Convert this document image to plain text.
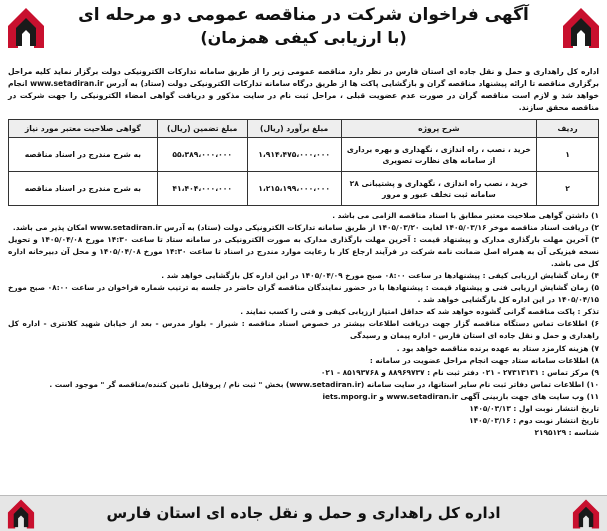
آگهی فراخوان شرکت در مناقصه عمومی دو مرحله ای
(با ارزیابی کیفی همزمان)
اداره کل راهداری و حمل و نقل جاده ای استان فارس در نظر دارد مناقصه عمومی زیر را از طریق سامانه تدارکات الکترونیکی دولت برگزار نماید کلیه مراحل برگزاری مناقصه تا ارائه پیشنهاد مناقصه گران و بازگشایی پاکت ها از طریق درگاه سامانه تدارکات الکترونیکی دولت (ستاد) به آدرس www.setadiran.ir انجام خواهد شد و لازم است مناقصه گران در صورت عدم عضویت قبلی ، مراحل ثبت نام در سایت مذکور و دریافت گواهی امضاء الکترونیکی را جهت شرکت در مناقصه محقق سازند.
ردیف	شرح پروژه	مبلغ برآورد (ریال)	مبلغ تضمین (ریال)	گواهی صلاحیت معتبر مورد نیاز
۱	خرید ، نصب ، راه اندازی ، نگهداری و بهره برداری از سامانه های نظارت تصویری	۱،۹۱۴،۴۷۵،۰۰۰،۰۰۰	۵۵،۳۸۹،۰۰۰،۰۰۰	به شرح مندرج در اسناد مناقصه
۲	خرید ، نصب راه اندازی ، نگهداری و پشتیبانی ۲۸ سامانه ثبت تخلف عبور و مرور	۱،۲۱۵،۱۹۹،۰۰۰،۰۰۰	۴۱،۴۰۴،۰۰۰،۰۰۰	به شرح مندرج در اسناد مناقصه

۱) داشتن گواهی صلاحیت معتبر مطابق با اسناد مناقصه الزامی می باشد .

۲) دریافت اسناد مناقصه موخر ۱۴۰۵/۰۳/۱۶ لغایت ۱۴۰۵/۰۳/۲۰ از طریق سامانه تدارکات الکترونیکی دولت (ستاد) به آدرس www.setadiran.ir امکان پذیر می باشد.

۳) آخرین مهلت بارگذاری مدارک و پیشنهاد قیمت : آخرین مهلت بارگذاری مدارک به صورت الکترونیکی در سامانه ستاد تا ساعت ۱۴:۳۰ مورخ ۱۴۰۵/۰۴/۰۸ و تحویل نسخه فیزیکی آن به همراه اصل ضمانت نامه شرکت در فرآیند ارجاع کار با رعایت موارد مندرج در اسناد تا ساعت ۱۴:۳۰ مورخ ۱۴۰۵/۰۴/۰۸ و محل آن دبیرخانه اداره کل می باشد.

۴) زمان گشایش ارزیابی کیفی : پیشنهادها در ساعت ۰۸:۰۰ صبح مورخ ۱۴۰۵/۰۴/۰۹ در این اداره کل بازگشایی خواهد شد .

۵) زمان گشایش ارزیابی فنی و پیشنهاد قیمت : پیشنهادها با در حضور نمایندگان مناقصه گران حاضر در جلسه به ترتیب شماره فراخوان در ساعت ۰۸:۰۰ صبح مورخ ۱۴۰۵/۰۴/۱۵ در این اداره کل بازگشایی خواهد شد .

تذکر : پاکت مناقصه گرانی گشوده خواهد شد که حداقل امتیاز ارزیابی کیفی و فنی را کسب نمایند .

۶) اطلاعات تماس دستگاه مناقصه گزار جهت دریافت اطلاعات بیشتر در خصوص اسناد مناقصه : شیراز - بلوار مدرس - بعد از خیابان شهید کلانتری - اداره کل راهداری و حمل و نقل جاده ای استان فارس - اداره پیمان و رسیدگی

۷) هزینه کارمزد ستاد به عهده برنده مناقصه خواهد بود .

۸) اطلاعات سامانه ستاد جهت انجام مراحل عضویت در سامانه :

۹) مرکز تماس : ۲۷۳۱۳۱۳۱ - ۰۲۱ دفتر ثبت نام : ۸۸۹۶۹۷۳۷ و ۸۵۱۹۳۷۶۸ - ۰۲۱

۱۰) اطلاعات تماس دفاتر ثبت نام سایر استانها، در سایت سامانه (www.setadiran.ir) بخش " ثبت نام / پروفایل تامین کننده/مناقصه گر " موجود است .

۱۱) وب سایت های جهت بازبینی آگهی www.setadiran.ir و iets.mporg.ir

تاریخ انتشار نوبت اول : ۱۴۰۵/۰۳/۱۳

تاریخ انتشار نوبت دوم : ۱۴۰۵/۰۳/۱۶

شناسه : ۲۱۹۵۱۲۹

اداره کل راهداری و حمل و نقل جاده ای استان فارس
